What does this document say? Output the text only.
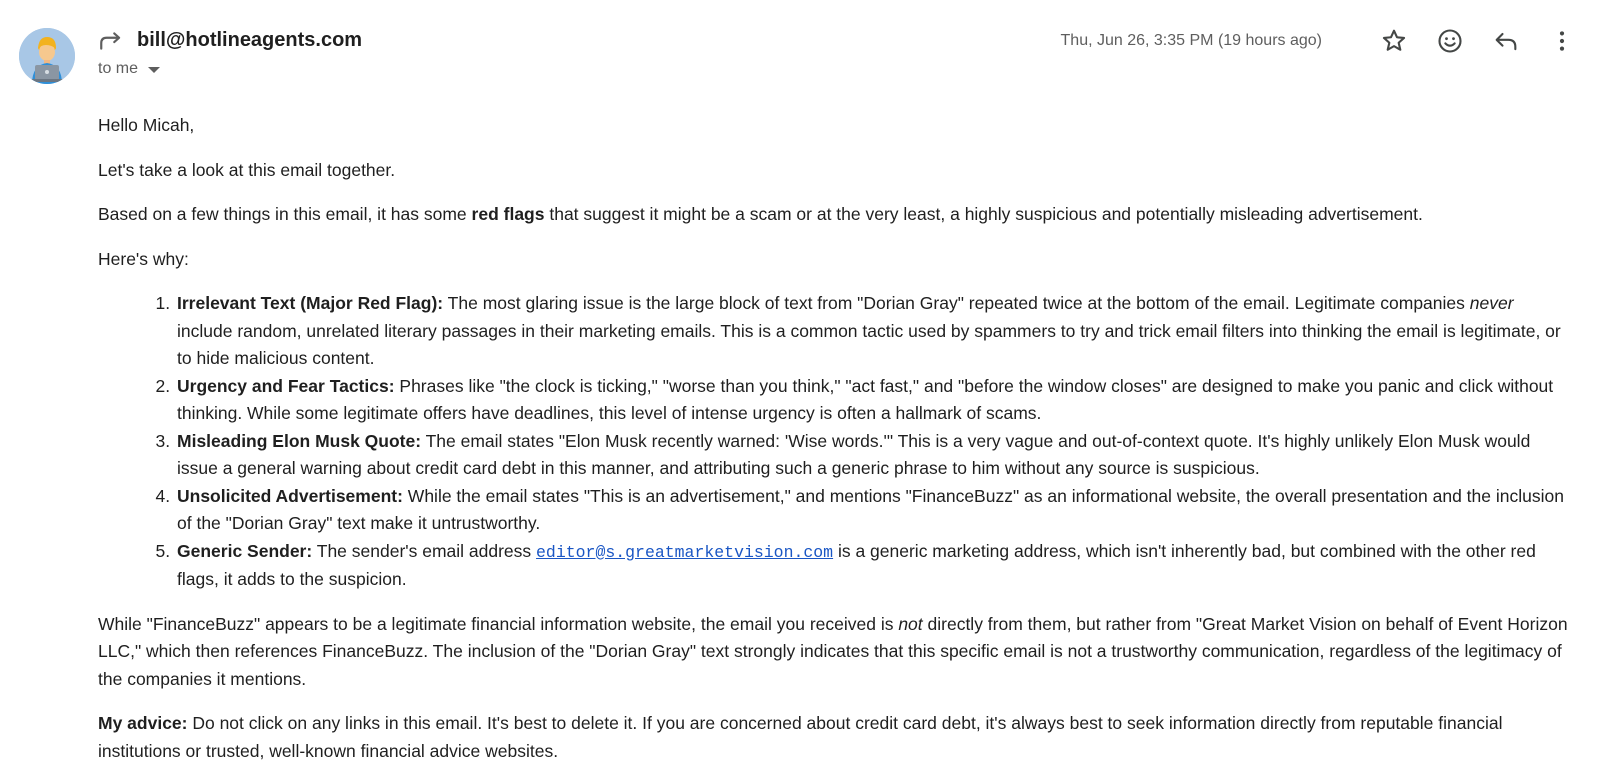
bill@hotlineagents.com
to me
Thu, Jun 26, 3:35 PM (19 hours ago)

Hello Micah,

Let's take a look at this email together.

Based on a few things in this email, it has some red flags that suggest it might be a scam or at the very least, a highly suspicious and potentially misleading advertisement.

Here's why:

1. Irrelevant Text (Major Red Flag): The most glaring issue is the large block of text from "Dorian Gray" repeated twice at the bottom of the email. Legitimate companies never include random, unrelated literary passages in their marketing emails. This is a common tactic used by spammers to try and trick email filters into thinking the email is legitimate, or to hide malicious content.
2. Urgency and Fear Tactics: Phrases like "the clock is ticking," "worse than you think," "act fast," and "before the window closes" are designed to make you panic and click without thinking. While some legitimate offers have deadlines, this level of intense urgency is often a hallmark of scams.
3. Misleading Elon Musk Quote: The email states "Elon Musk recently warned: 'Wise words.'" This is a very vague and out-of-context quote. It's highly unlikely Elon Musk would issue a general warning about credit card debt in this manner, and attributing such a generic phrase to him without any source is suspicious.
4. Unsolicited Advertisement: While the email states "This is an advertisement," and mentions "FinanceBuzz" as an informational website, the overall presentation and the inclusion of the "Dorian Gray" text make it untrustworthy.
5. Generic Sender: The sender's email address editor@s.greatmarketvision.com is a generic marketing address, which isn't inherently bad, but combined with the other red flags, it adds to the suspicion.

While "FinanceBuzz" appears to be a legitimate financial information website, the email you received is not directly from them, but rather from "Great Market Vision on behalf of Event Horizon LLC," which then references FinanceBuzz. The inclusion of the "Dorian Gray" text strongly indicates that this specific email is not a trustworthy communication, regardless of the legitimacy of the companies it mentions.

My advice: Do not click on any links in this email. It's best to delete it. If you are concerned about credit card debt, it's always best to seek information directly from reputable financial institutions or trusted, well-known financial advice websites.
